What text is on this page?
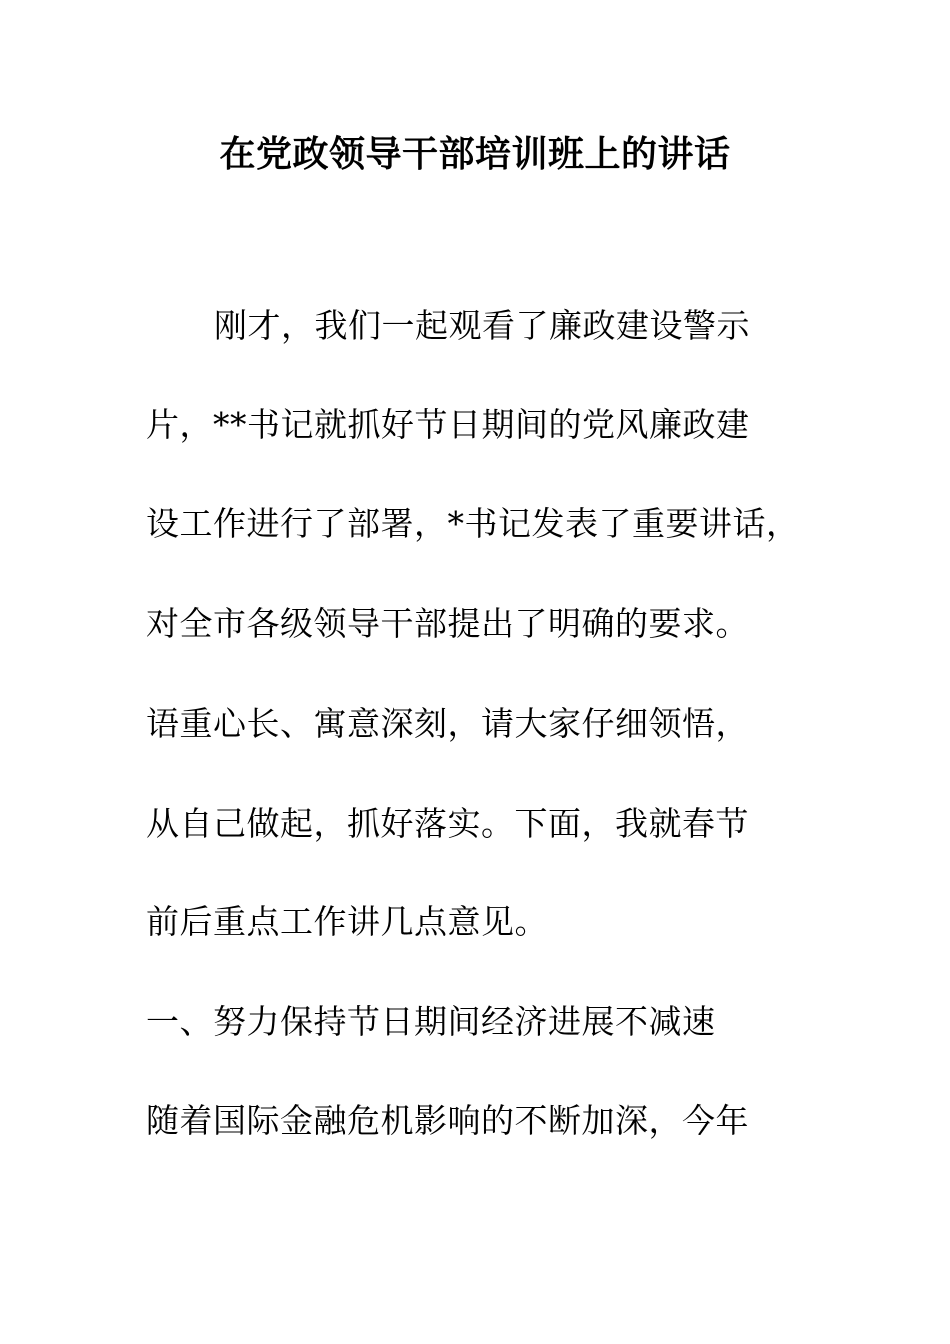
在党政领导干部培训班上的讲话
刚才，我们一起观看了廉政建设警示
片，**书记就抓好节日期间的党风廉政建
设工作进行了部署，*书记发表了重要讲话，
对全市各级领导干部提出了明确的要求。
语重心长、寓意深刻，请大家仔细领悟，
从自己做起，抓好落实。下面，我就春节
前后重点工作讲几点意见。
一、努力保持节日期间经济进展不减速
随着国际金融危机影响的不断加深，今年
